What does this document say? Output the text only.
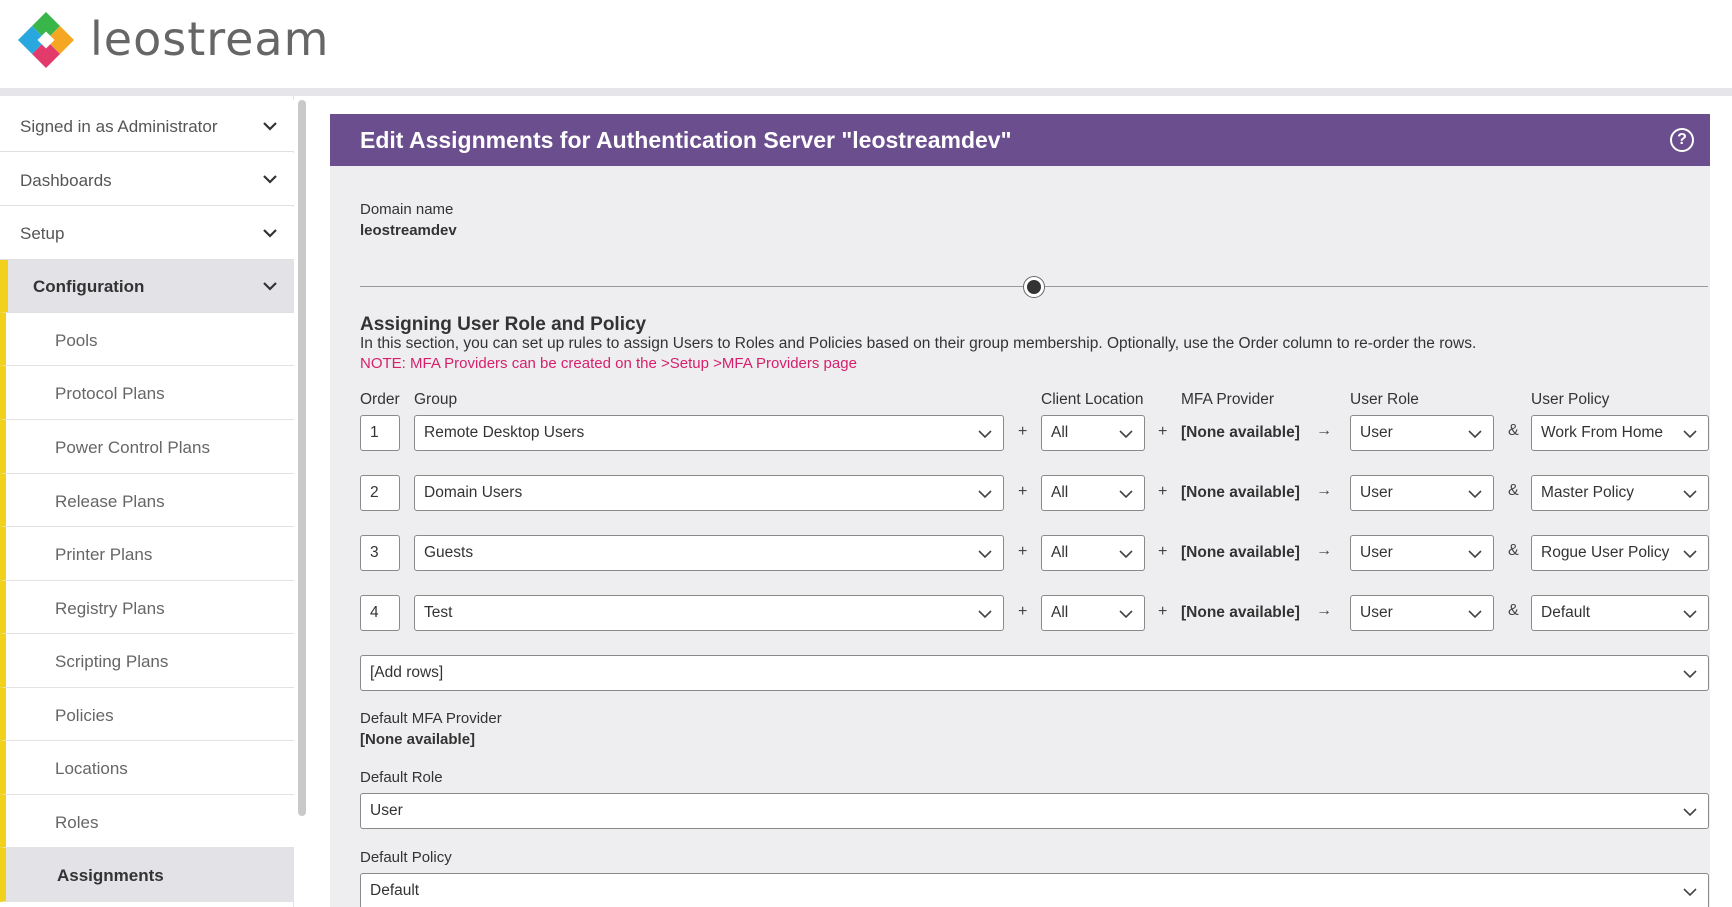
leostream
Signed in as Administrator
Dashboards
Setup
Configuration
Pools
Protocol Plans
Power Control Plans
Release Plans
Printer Plans
Registry Plans
Scripting Plans
Policies
Locations
Roles
Assignments
Edit Assignments for Authentication Server "leostreamdev"	?
Domain name
leostreamdev
Assigning User Role and Policy
In this section, you can set up rules to assign Users to Roles and Policies based on their group membership. Optionally, use the Order column to re-order the rows.
NOTE: MFA Providers can be created on the >Setup >MFA Providers page
Order Group	Client Location MFA Provider	User Role	User Policy
1	Remote Desktop Users	+ All	+ [None available] → User	& Work From Home
2	Domain Users	+ All	+ [None available] → User	& Master Policy
3	Guests	+ All	+ [None available] → User	& Rogue User Policy
4	Test	+ All	+ [None available] → User	& Default
[Add rows]
Default MFA Provider
[None available]
Default Role
User
Default Policy
Default
